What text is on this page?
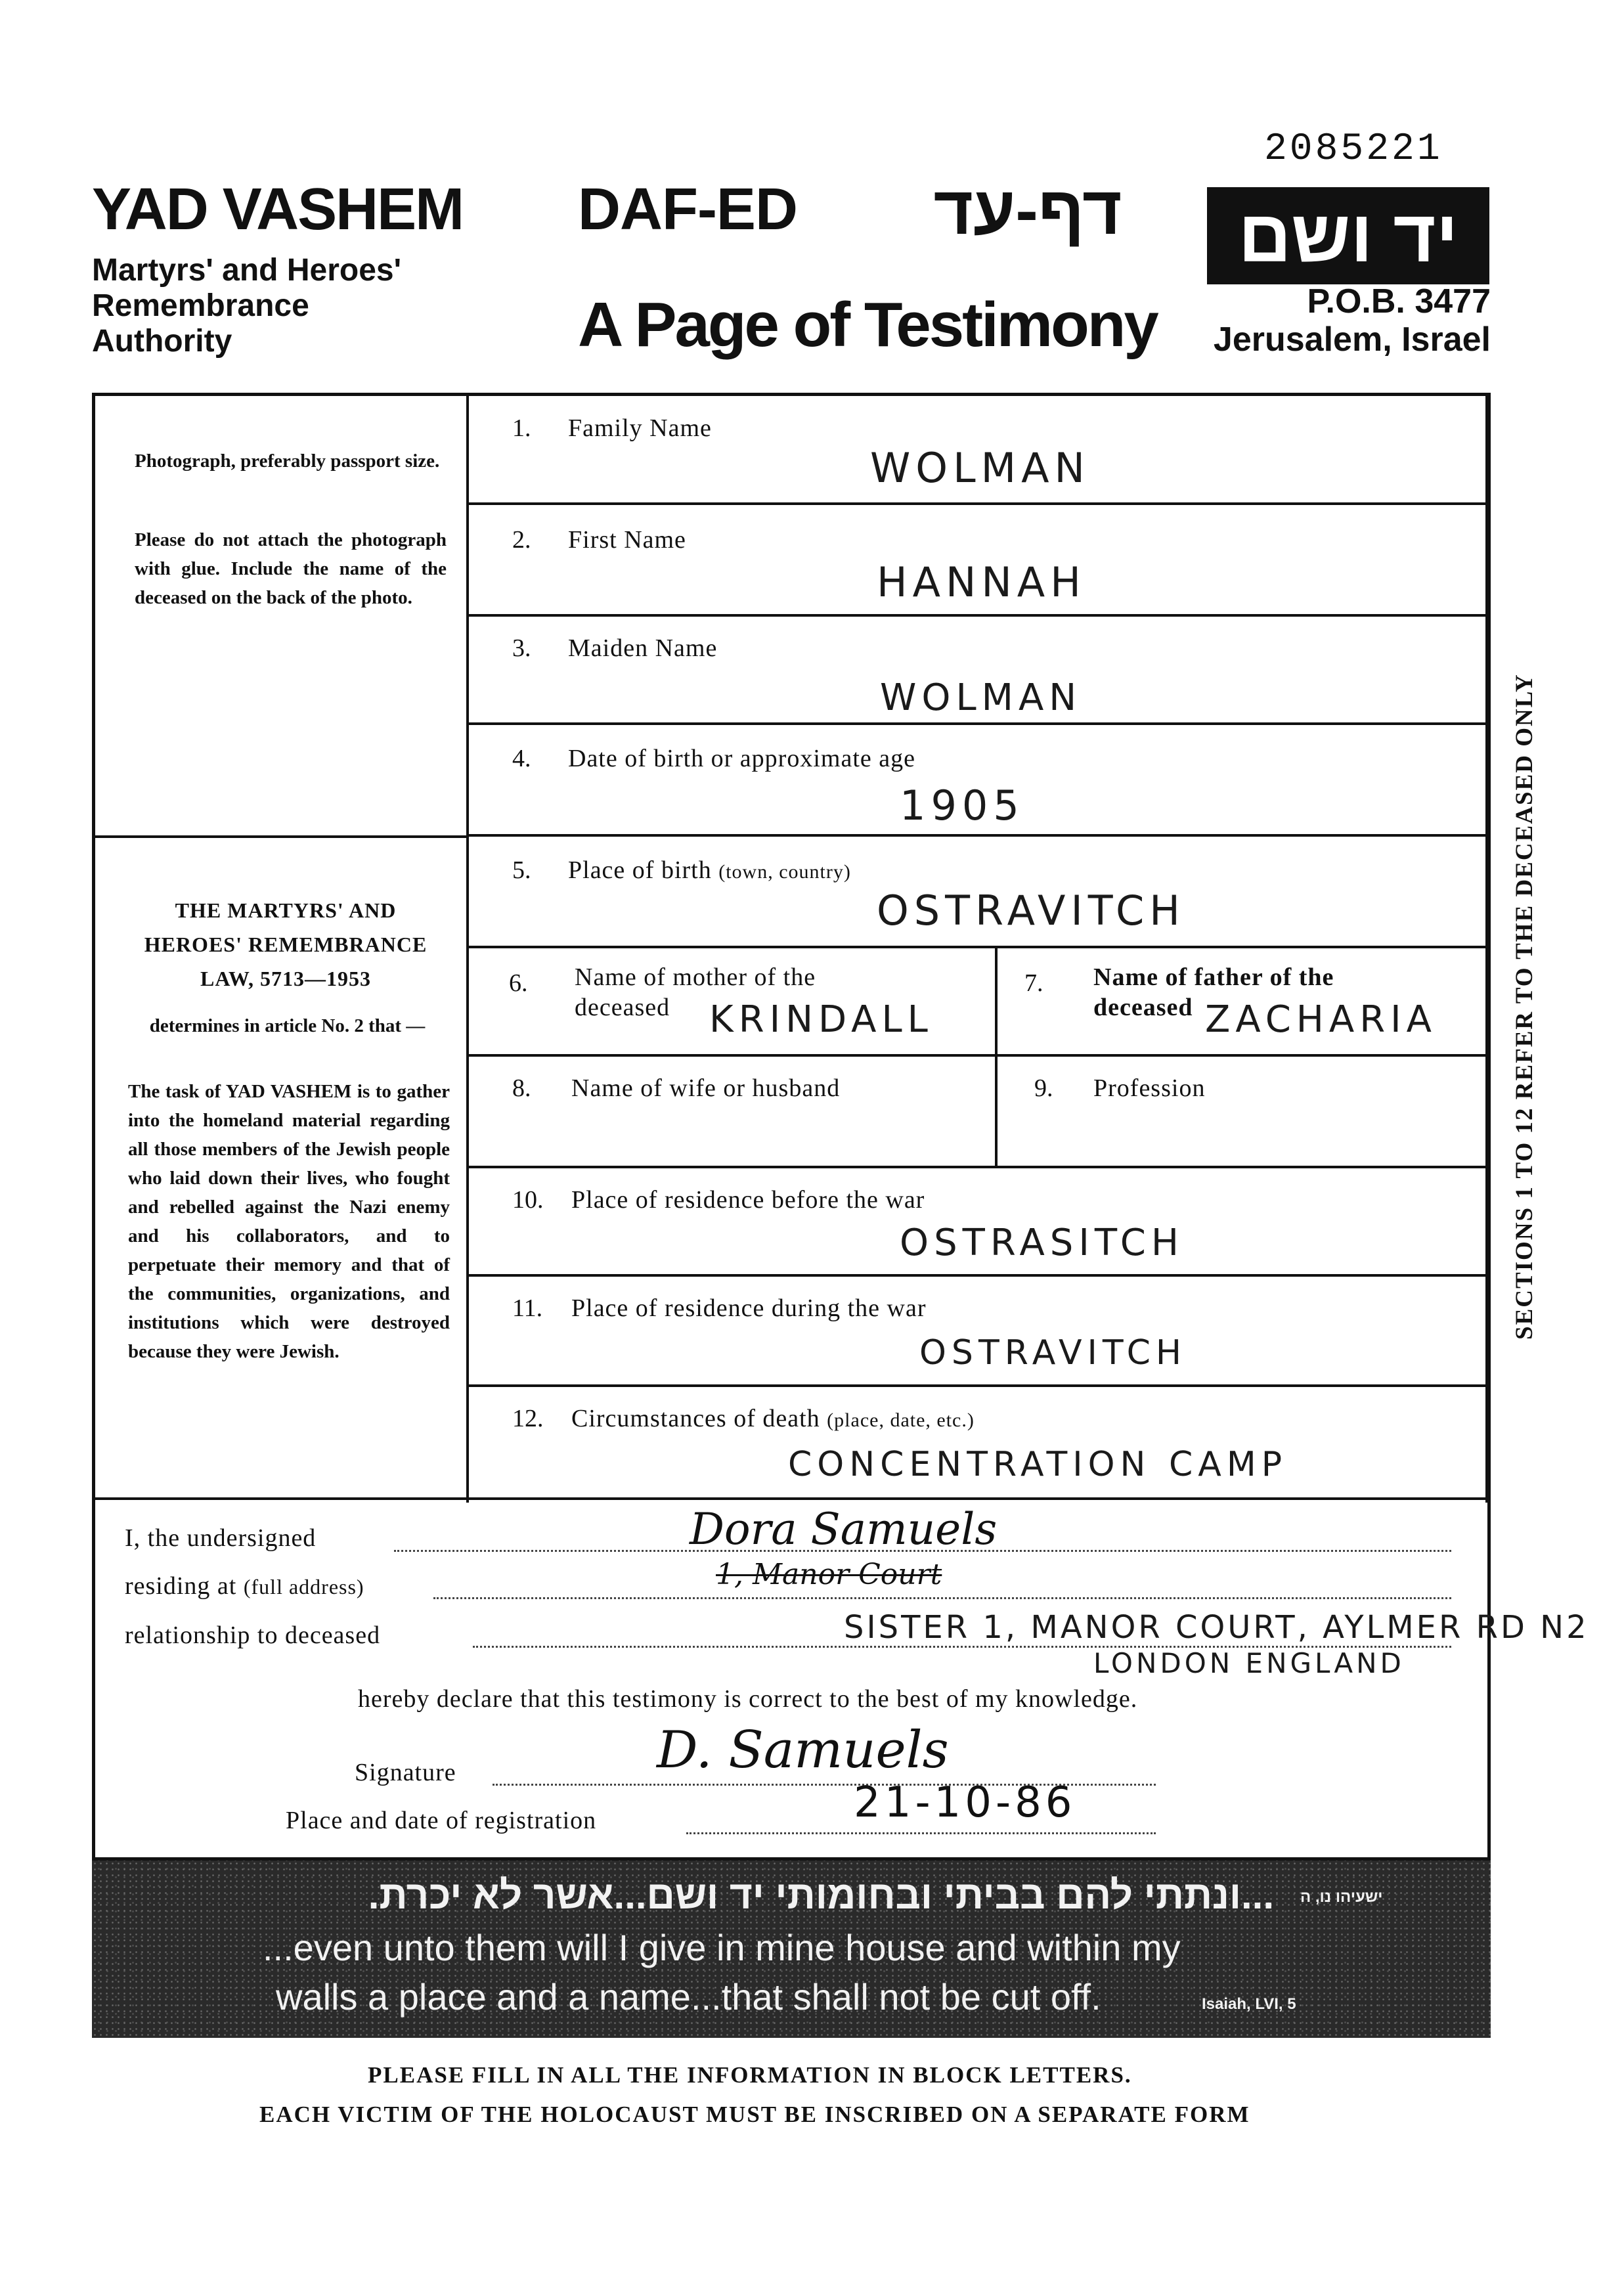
2085221
YAD VASHEM
Martyrs' and Heroes'
Remembrance
Authority
DAF-ED	דף-עד
A Page of Testimony
יד ושם
P.O.B. 3477
Jerusalem, Israel
Photograph, preferably passport size.
Please do not attach the photograph with glue. Include the name of the deceased on the back of the photo.
THE MARTYRS' AND
HEROES' REMEMBRANCE
LAW, 5713—1953
determines in article No. 2 that —
The task of YAD VASHEM is to gather into the homeland material regarding all those members of the Jewish people who laid down their lives, who fought and rebelled against the Nazi enemy and his collaborators, and to perpetuate their memory and that of the communities, organizations, and institutions which were destroyed because they were Jewish.
1. Family Name
WOLMAN
2. First Name
HANNAH
3. Maiden Name
WOLMAN
4. Date of birth or approximate age
1905
5. Place of birth (town, country)
OSTRAVITCH
6. Name of mother of the
deceased	KRINDALL
7. Name of father of the
deceased ZACHARIA
8. Name of wife or husband	9. Profession
10. Place of residence before the war
OSTRASITCH
11. Place of residence during the war
OSTRAVITCH
12. Circumstances of death (place, date, etc.)
CONCENTRATION CAMP
I, the undersigned	Dora Samuels
residing at (full address)	1, Manor Court
relationship to deceased	SISTER 1, MANOR COURT, AYLMER RD N2
LONDON ENGLAND
hereby declare that this testimony is correct to the best of my knowledge.
Signature	D. Samuels
Place and date of registration	21-10-86
...ונתתי להם בביתי ובחומותי יד ושם...אשר לא יכרת. ישעיהו נו, ה
...even unto them will I give in mine house and within my
walls a place and a name...that shall not be cut off.	Isaiah, LVI, 5
PLEASE FILL IN ALL THE INFORMATION IN BLOCK LETTERS.
EACH VICTIM OF THE HOLOCAUST MUST BE INSCRIBED ON A SEPARATE FORM
SECTIONS 1 TO 12 REFER TO THE DECEASED ONLY
